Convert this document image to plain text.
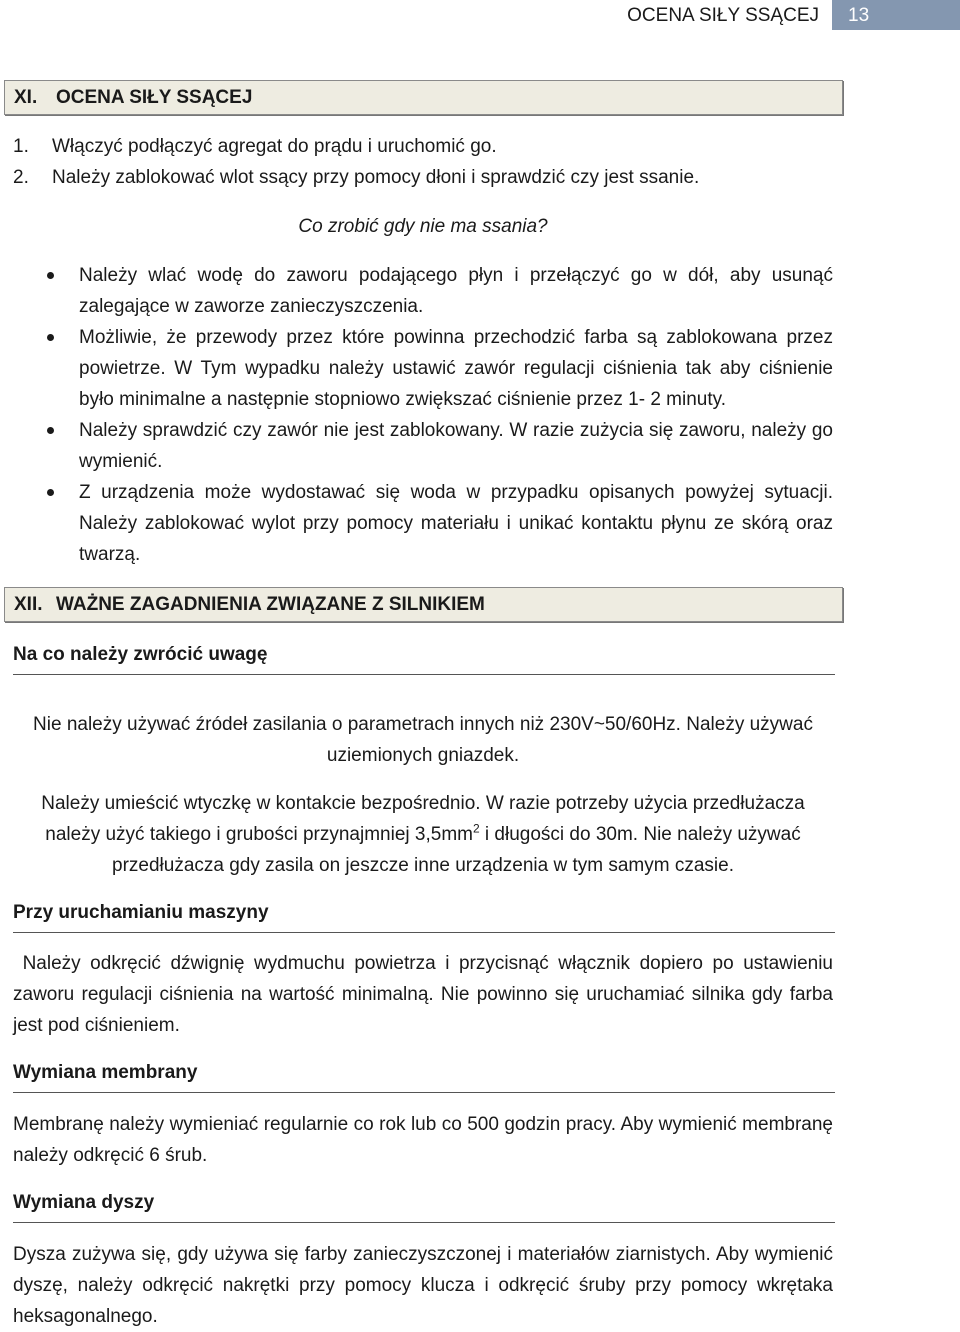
OCENA SIŁY SSĄCEJ	13
XI. OCENA SIŁY SSĄCEJ
1.	Włączyć podłączyć agregat do prądu i uruchomić go.
2.	Należy zablokować wlot ssący przy pomocy dłoni i sprawdzić czy jest ssanie.
Co zrobić gdy nie ma ssania?
Należy wlać wodę do zaworu podającego płyn i przełączyć go w dół, aby usunąć zalegające w zaworze zanieczyszczenia.
Możliwie, że przewody przez które powinna przechodzić farba są zablokowana przez powietrze. W Tym wypadku należy ustawić zawór regulacji ciśnienia tak aby ciśnienie było minimalne a następnie stopniowo zwiększać ciśnienie przez 1- 2 minuty.
Należy sprawdzić czy zawór nie jest zablokowany. W razie zużycia się zaworu, należy go wymienić.
Z urządzenia może wydostawać się woda w przypadku opisanych powyżej sytuacji. Należy zablokować wylot przy pomocy materiału i unikać kontaktu płynu ze skórą oraz twarzą.
XII. WAŻNE ZAGADNIENIA ZWIĄZANE Z SILNIKIEM
Na co należy zwrócić uwagę
Nie należy używać źródeł zasilania o parametrach innych niż 230V~50/60Hz. Należy używać uziemionych gniazdek.
Należy umieścić wtyczkę w kontakcie bezpośrednio. W razie potrzeby użycia przedłużacza należy użyć takiego i grubości przynajmniej $3,5mm^2$ i długości do 30m. Nie należy używać przedłużacza gdy zasila on jeszcze inne urządzenia w tym samym czasie.
Przy uruchamianiu maszyny
Należy odkręcić dźwignię wydmuchu powietrza i przycisnąć włącznik dopiero po ustawieniu zaworu regulacji ciśnienia na wartość minimalną. Nie powinno się uruchamiać silnika gdy farba jest pod ciśnieniem.
Wymiana membrany
Membranę należy wymieniać regularnie co rok lub co 500 godzin pracy. Aby wymienić membranę należy odkręcić 6 śrub.
Wymiana dyszy
Dysza zużywa się, gdy używa się farby zanieczyszczonej i materiałów ziarnistych. Aby wymienić dyszę, należy odkręcić nakrętki przy pomocy klucza i odkręcić śruby przy pomocy wkrętaka heksagonalnego.
